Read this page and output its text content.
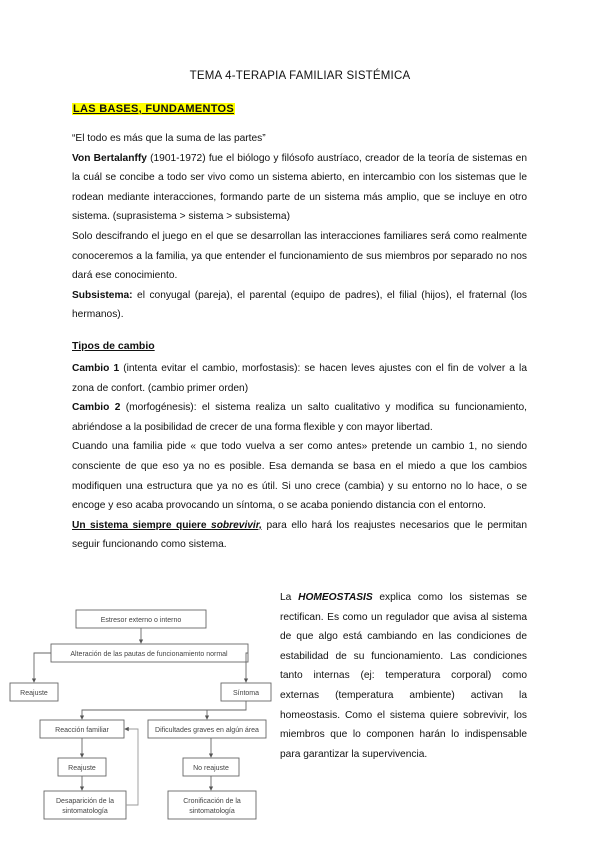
TEMA 4-TERAPIA FAMILIAR SISTÉMICA
LAS BASES, FUNDAMENTOS

“El todo es más que la suma de las partes”

Von Bertalanffy (1901-1972) fue el biólogo y filósofo austríaco, creador de la teoría de sistemas en la cuál se concibe a todo ser vivo como un sistema abierto, en intercambio con los sistemas que le rodean mediante interacciones, formando parte de un sistema más amplio, que se incluye en otro sistema. (suprasistema > sistema > subsistema)

Solo descifrando el juego en el que se desarrollan las interacciones familiares será como realmente conoceremos a la familia, ya que entender el funcionamiento de sus miembros por separado no nos dará ese conocimiento.

Subsistema: el conyugal (pareja), el parental (equipo de padres), el filial (hijos), el fraternal (los hermanos).

Tipos de cambio

Cambio 1 (intenta evitar el cambio, morfostasis): se hacen leves ajustes con el fin de volver a la zona de confort. (cambio primer orden)

Cambio 2 (morfogénesis): el sistema realiza un salto cualitativo y modifica su funcionamiento, abriéndose a la posibilidad de crecer de una forma flexible y con mayor libertad.

Cuando una familia pide « que todo vuelva a ser como antes» pretende un cambio 1, no siendo consciente de que eso ya no es posible. Esa demanda se basa en el miedo a que los cambios modifiquen una estructura que ya no es útil. Si uno crece (cambia) y su entorno no lo hace, o se encoge y eso acaba provocando un síntoma, o se acaba poniendo distancia con el entorno.

Un sistema siempre quiere sobrevivir, para ello hará los reajustes necesarios que le permitan seguir funcionando como sistema.

La HOMEOSTASIS explica como los sistemas se rectifican. Es como un regulador que avisa al sistema de que algo está cambiando en las condiciones de estabilidad de su funcionamiento. Las condiciones tanto internas (ej: temperatura corporal) como externas (temperatura ambiente) activan la homeostasis. Como el sistema quiere sobrevivir, los miembros que lo componen harán lo indispensable para garantizar la supervivencia.

Estresor externo o interno
Alteración de las pautas de funcionamiento normal
Reajuste	Síntoma
Reacción familiar	Dificultades graves en algún área
Reajuste	No reajuste
Desaparición de la
sintomatología
Cronificación de la
sintomatología
